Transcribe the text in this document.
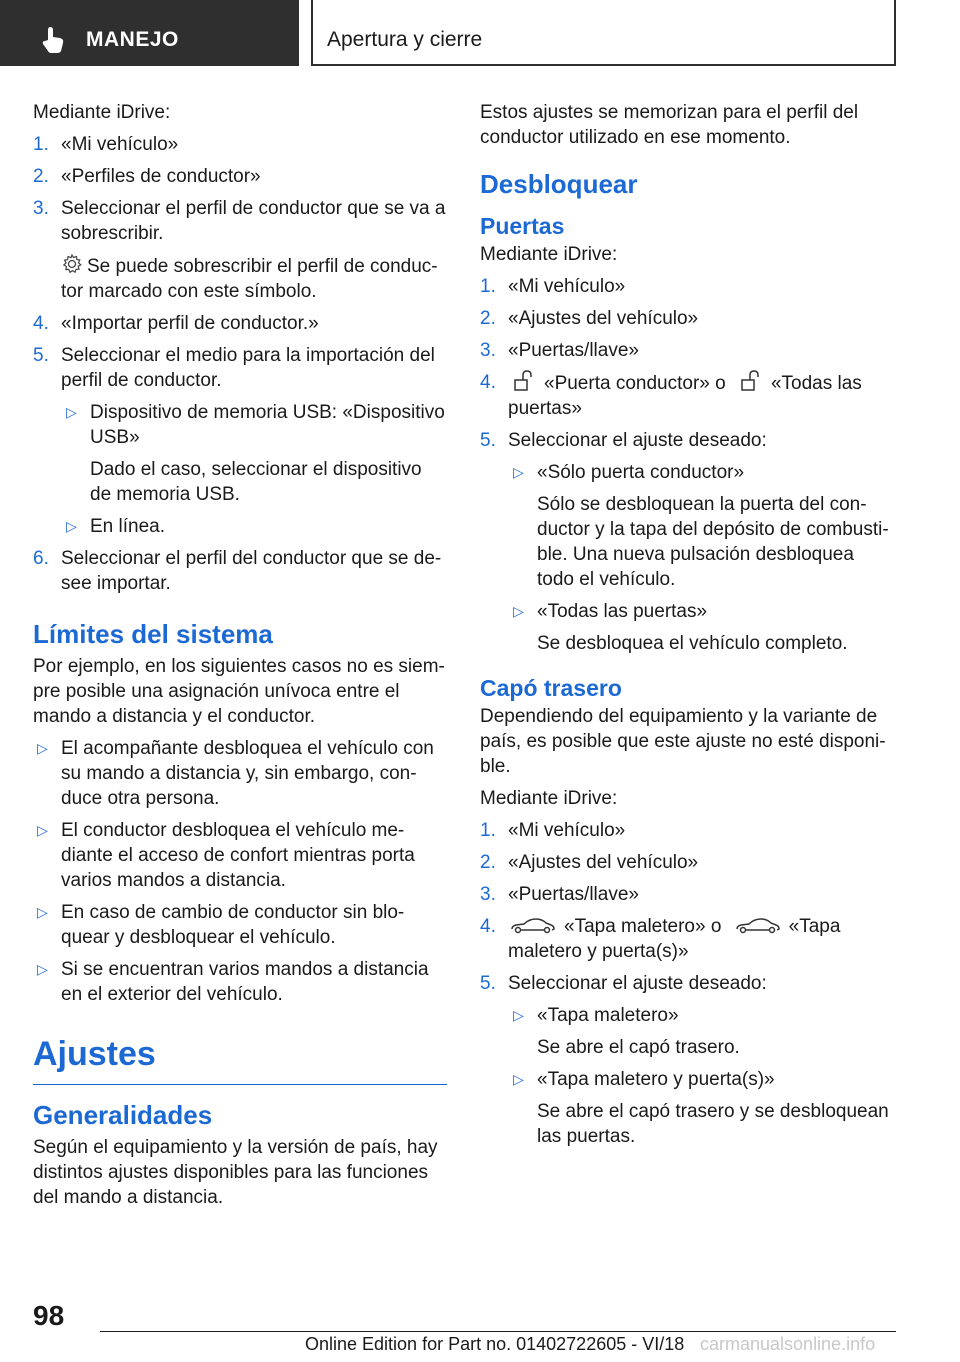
MANEJO	Apertura y cierre

Mediante iDrive:

1. «Mi vehículo»
2. «Perfiles de conductor»
3. Seleccionar el perfil de conductor que se va a sobrescribir.
Se puede sobrescribir el perfil de conduc-tor marcado con este símbolo.
4. «Importar perfil de conductor.»
5. Seleccionar el medio para la importación del perfil de conductor.
▷ Dispositivo de memoria USB: «Dispositivo USB»
Dado el caso, seleccionar el dispositivo de memoria USB.
▷ En línea.
6. Seleccionar el perfil del conductor que se de-see importar.
Límites del sistema

Por ejemplo, en los siguientes casos no es siem-pre posible una asignación unívoca entre el mando a distancia y el conductor.

▷ El acompañante desbloquea el vehículo con su mando a distancia y, sin embargo, con-duce otra persona.
▷ El conductor desbloquea el vehículo me-diante el acceso de confort mientras porta varios mandos a distancia.
▷ En caso de cambio de conductor sin blo-quear y desbloquear el vehículo.
▷ Si se encuentran varios mandos a distancia en el exterior del vehículo.
Ajustes
Generalidades

Según el equipamiento y la versión de país, hay distintos ajustes disponibles para las funciones del mando a distancia.

Estos ajustes se memorizan para el perfil del conductor utilizado en ese momento.

Desbloquear
Puertas

Mediante iDrive:

1. «Mi vehículo»
2. «Ajustes del vehículo»
3. «Puertas/llave»
4.	«Puerta conductor» o «Todas las puertas»
5. Seleccionar el ajuste deseado:
▷ «Sólo puerta conductor»
Sólo se desbloquean la puerta del con-ductor y la tapa del depósito de combusti-ble. Una nueva pulsación desbloquea todo el vehículo.
▷ «Todas las puertas»
Se desbloquea el vehículo completo.
Capó trasero

Dependiendo del equipamiento y la variante de país, es posible que este ajuste no esté disponi-ble.

Mediante iDrive:

1. «Mi vehículo»
2. «Ajustes del vehículo»
3. «Puertas/llave»
4.	«Tapa maletero» o	«Tapa maletero y puerta(s)»
5. Seleccionar el ajuste deseado:
▷ «Tapa maletero»
Se abre el capó trasero.
▷ «Tapa maletero y puerta(s)»
Se abre el capó trasero y se desbloquean las puertas.
98
Online Edition for Part no. 01402722605 - VI/18 carmanualsonline.info
